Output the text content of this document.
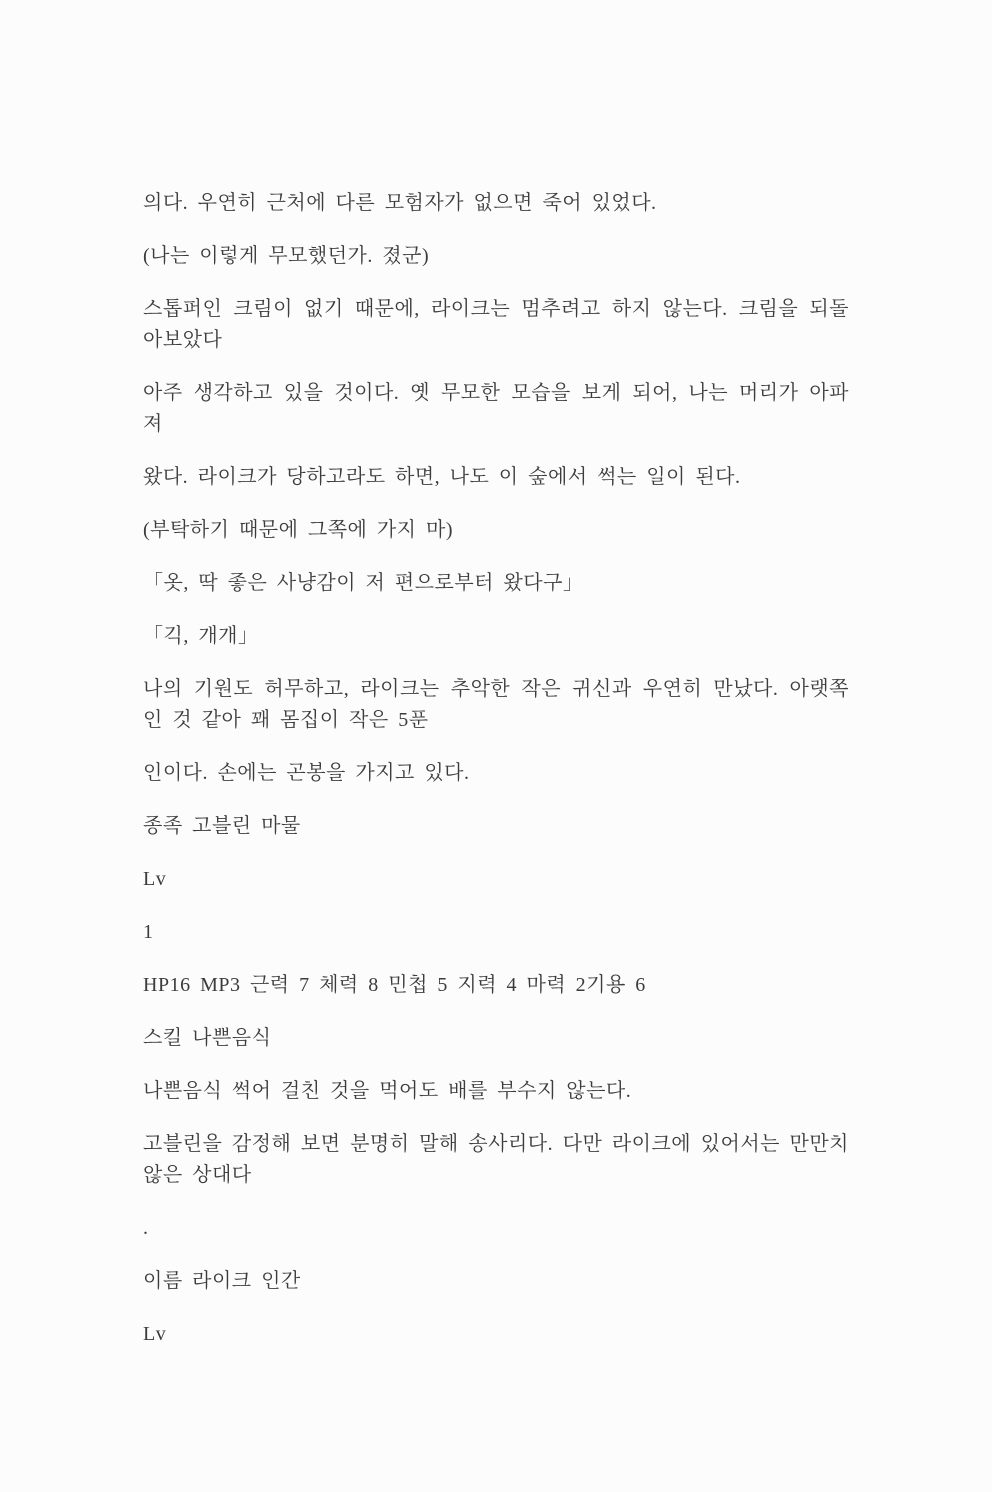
의다. 우연히 근처에 다른 모험자가 없으면 죽어 있었다.

(나는 이렇게 무모했던가. 졌군)

스톱퍼인 크림이 없기 때문에, 라이크는 멈추려고 하지 않는다. 크림을 되돌아보았다

아주 생각하고 있을 것이다. 옛 무모한 모습을 보게 되어, 나는 머리가 아파져

왔다. 라이크가 당하고라도 하면, 나도 이 숲에서 썩는 일이 된다.

(부탁하기 때문에 그쪽에 가지 마)

「옷, 딱 좋은 사냥감이 저 편으로부터 왔다구」

「긱, 개개」

나의 기원도 허무하고, 라이크는 추악한 작은 귀신과 우연히 만났다. 아랫쪽인 것 같아 꽤 몸집이 작은 5푼

인이다. 손에는 곤봉을 가지고 있다.

종족 고블린 마물

Lv

1

HP16 MP3 근력 7 체력 8 민첩 5 지력 4 마력 2기용 6

스킬 나쁜음식

나쁜음식 썩어 걸친 것을 먹어도 배를 부수지 않는다.

고블린을 감정해 보면 분명히 말해 송사리다. 다만 라이크에 있어서는 만만치 않은 상대다

.

이름 라이크 인간

Lv
